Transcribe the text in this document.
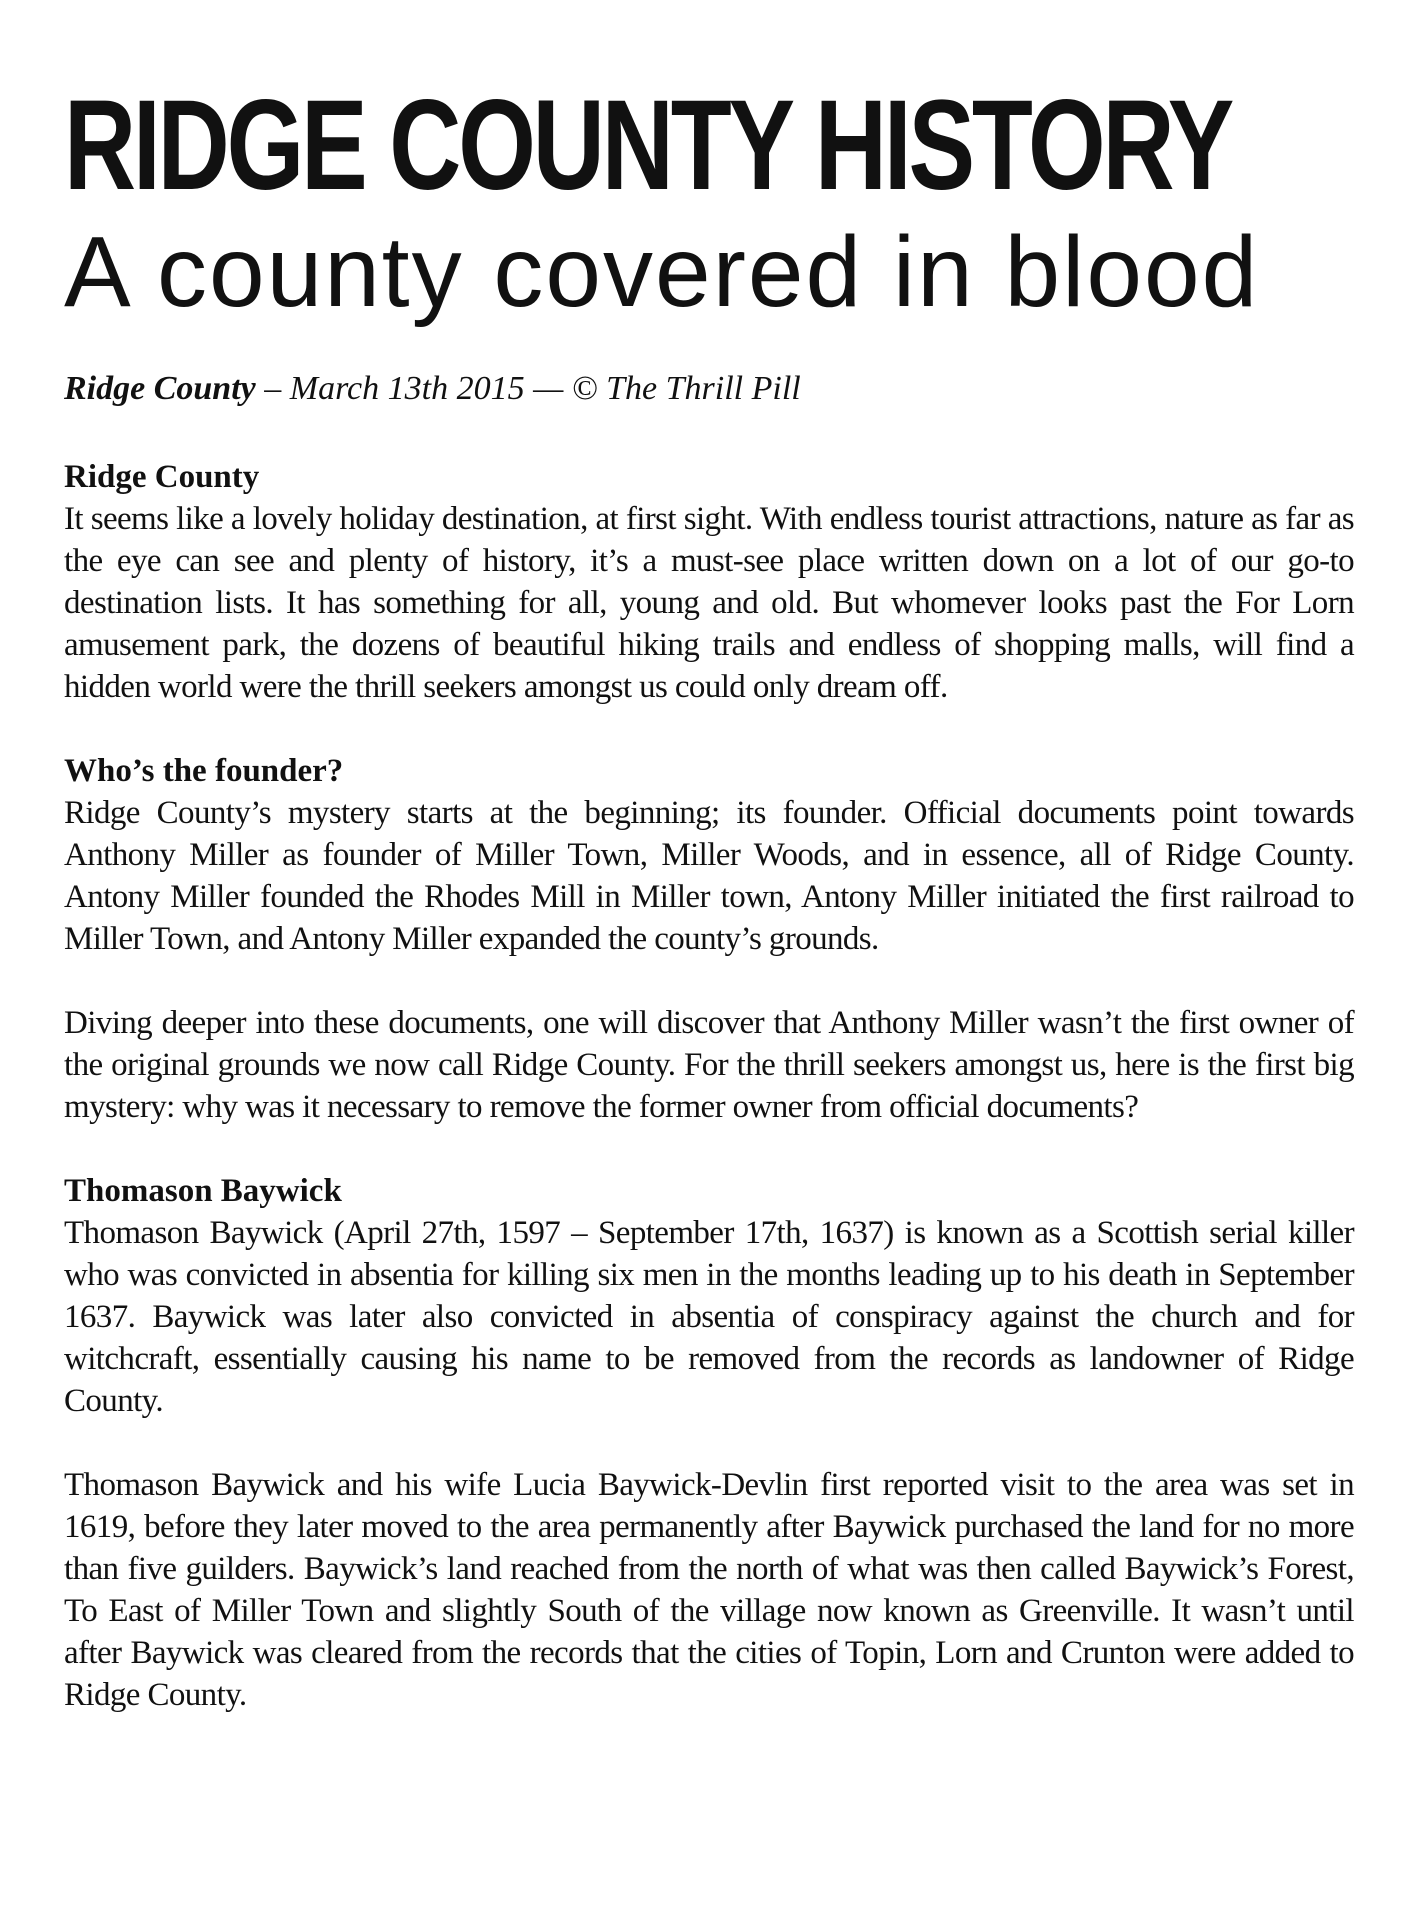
RIDGE COUNTY HISTORY
A county covered in blood
Ridge County – March 13th 2015 — © The Thrill Pill
Ridge County

It seems like a lovely holiday destination, at first sight. With endless tourist attractions, nature as far as the eye can see and plenty of history, it’s a must-see place written down on a lot of our go-to destination lists. It has something for all, young and old. But whomever looks past the For Lorn amusement park, the dozens of beautiful hiking trails and endless of shopping malls, will find a hidden world were the thrill seekers amongst us could only dream off.

Who’s the founder?

Ridge County’s mystery starts at the beginning; its founder. Official documents point towards Anthony Miller as founder of Miller Town, Miller Woods, and in essence, all of Ridge County. Antony Miller founded the Rhodes Mill in Miller town, Antony Miller initiated the first railroad to Miller Town, and Antony Miller expanded the county’s grounds.

Diving deeper into these documents, one will discover that Anthony Miller wasn’t the first owner of the original grounds we now call Ridge County. For the thrill seekers amongst us, here is the first big mystery: why was it necessary to remove the former owner from official documents?

Thomason Baywick

Thomason Baywick (April 27th, 1597 – September 17th, 1637) is known as a Scottish serial killer who was convicted in absentia for killing six men in the months leading up to his death in September 1637. Baywick was later also convicted in absentia of conspiracy against the church and for witchcraft, essentially causing his name to be removed from the records as landowner of Ridge County.

Thomason Baywick and his wife Lucia Baywick-Devlin first reported visit to the area was set in 1619, before they later moved to the area permanently after Baywick purchased the land for no more than five guilders. Baywick’s land reached from the north of what was then called Baywick’s Forest, To East of Miller Town and slightly South of the village now known as Greenville. It wasn’t until after Baywick was cleared from the records that the cities of Topin, Lorn and Crunton were added to Ridge County.
